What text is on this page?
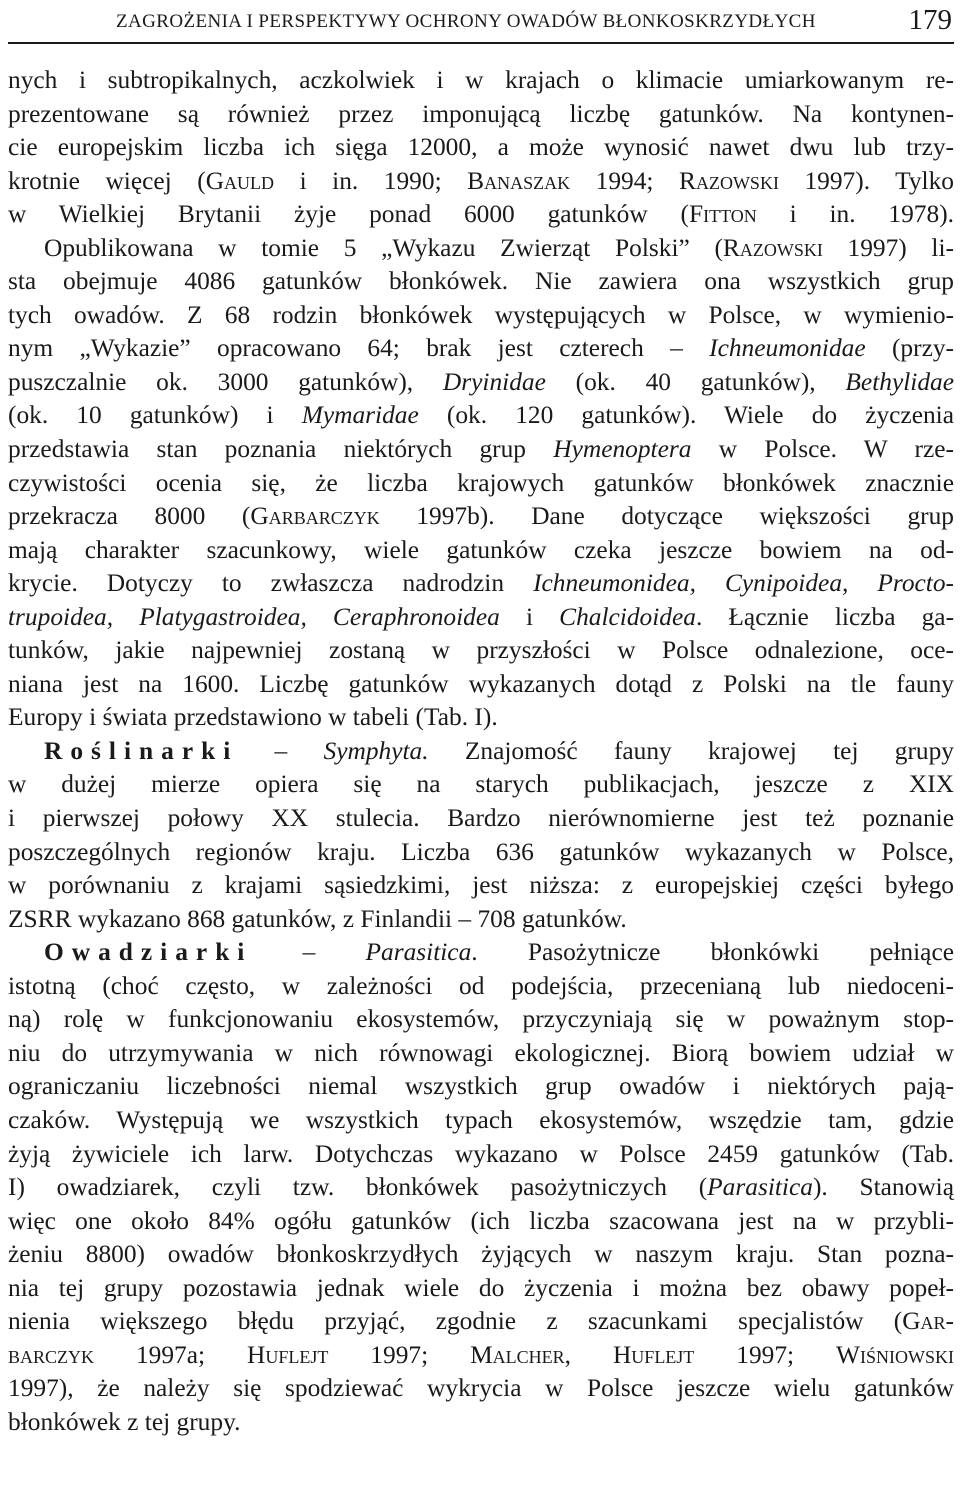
ZAGROŻENIA I PERSPEKTYWY OCHRONY OWADÓW BŁONKOSKRZYDŁYCH	179
nych i subtropikalnych, aczkolwiek i w krajach o klimacie umiarkowanym re-
prezentowane są również przez imponującą liczbę gatunków. Na kontynen-
cie europejskim liczba ich sięga 12000, a może wynosić nawet dwu lub trzy-
krotnie więcej (Gauld i in. 1990; Banaszak 1994; Razowski 1997). Tylko
w Wielkiej Brytanii żyje ponad 6000 gatunków (Fitton i in. 1978).
Opublikowana w tomie 5 „Wykazu Zwierząt Polski” (Razowski 1997) li-
sta obejmuje 4086 gatunków błonkówek. Nie zawiera ona wszystkich grup
tych owadów. Z 68 rodzin błonkówek występujących w Polsce, w wymienio-
nym „Wykazie” opracowano 64; brak jest czterech – Ichneumonidae (przy-
puszczalnie ok. 3000 gatunków), Dryinidae (ok. 40 gatunków), Bethylidae
(ok. 10 gatunków) i Mymaridae (ok. 120 gatunków). Wiele do życzenia
przedstawia stan poznania niektórych grup Hymenoptera w Polsce. W rze-
czywistości ocenia się, że liczba krajowych gatunków błonkówek znacznie
przekracza 8000 (Garbarczyk 1997b). Dane dotyczące większości grup
mają charakter szacunkowy, wiele gatunków czeka jeszcze bowiem na od-
krycie. Dotyczy to zwłaszcza nadrodzin Ichneumonidea, Cynipoidea, Procto-
trupoidea, Platygastroidea, Ceraphronoidea i Chalcidoidea. Łącznie liczba ga-
tunków, jakie najpewniej zostaną w przyszłości w Polsce odnalezione, oce-
niana jest na 1600. Liczbę gatunków wykazanych dotąd z Polski na tle fauny
Europy i świata przedstawiono w tabeli (Tab. I).
Roślinarki – Symphyta. Znajomość fauny krajowej tej grupy
w dużej mierze opiera się na starych publikacjach, jeszcze z XIX
i pierwszej połowy XX stulecia. Bardzo nierównomierne jest też poznanie
poszczególnych regionów kraju. Liczba 636 gatunków wykazanych w Polsce,
w porównaniu z krajami sąsiedzkimi, jest niższa: z europejskiej części byłego
ZSRR wykazano 868 gatunków, z Finlandii – 708 gatunków.
Owadziarki – Parasitica. Pasożytnicze błonkówki pełniące
istotną (choć często, w zależności od podejścia, przecenianą lub niedoceni-
ną) rolę w funkcjonowaniu ekosystemów, przyczyniają się w poważnym stop-
niu do utrzymywania w nich równowagi ekologicznej. Biorą bowiem udział w
ograniczaniu liczebności niemal wszystkich grup owadów i niektórych pają-
czaków. Występują we wszystkich typach ekosystemów, wszędzie tam, gdzie
żyją żywiciele ich larw. Dotychczas wykazano w Polsce 2459 gatunków (Tab.
I) owadziarek, czyli tzw. błonkówek pasożytniczych (Parasitica). Stanowią
więc one około 84% ogółu gatunków (ich liczba szacowana jest na w przybli-
żeniu 8800) owadów błonkoskrzydłych żyjących w naszym kraju. Stan pozna-
nia tej grupy pozostawia jednak wiele do życzenia i można bez obawy popeł-
nienia większego błędu przyjąć, zgodnie z szacunkami specjalistów (Gar-
barczyk 1997a; Huflejt 1997; Malcher, Huflejt 1997; Wiśniowski
1997), że należy się spodziewać wykrycia w Polsce jeszcze wielu gatunków
błonkówek z tej grupy.
